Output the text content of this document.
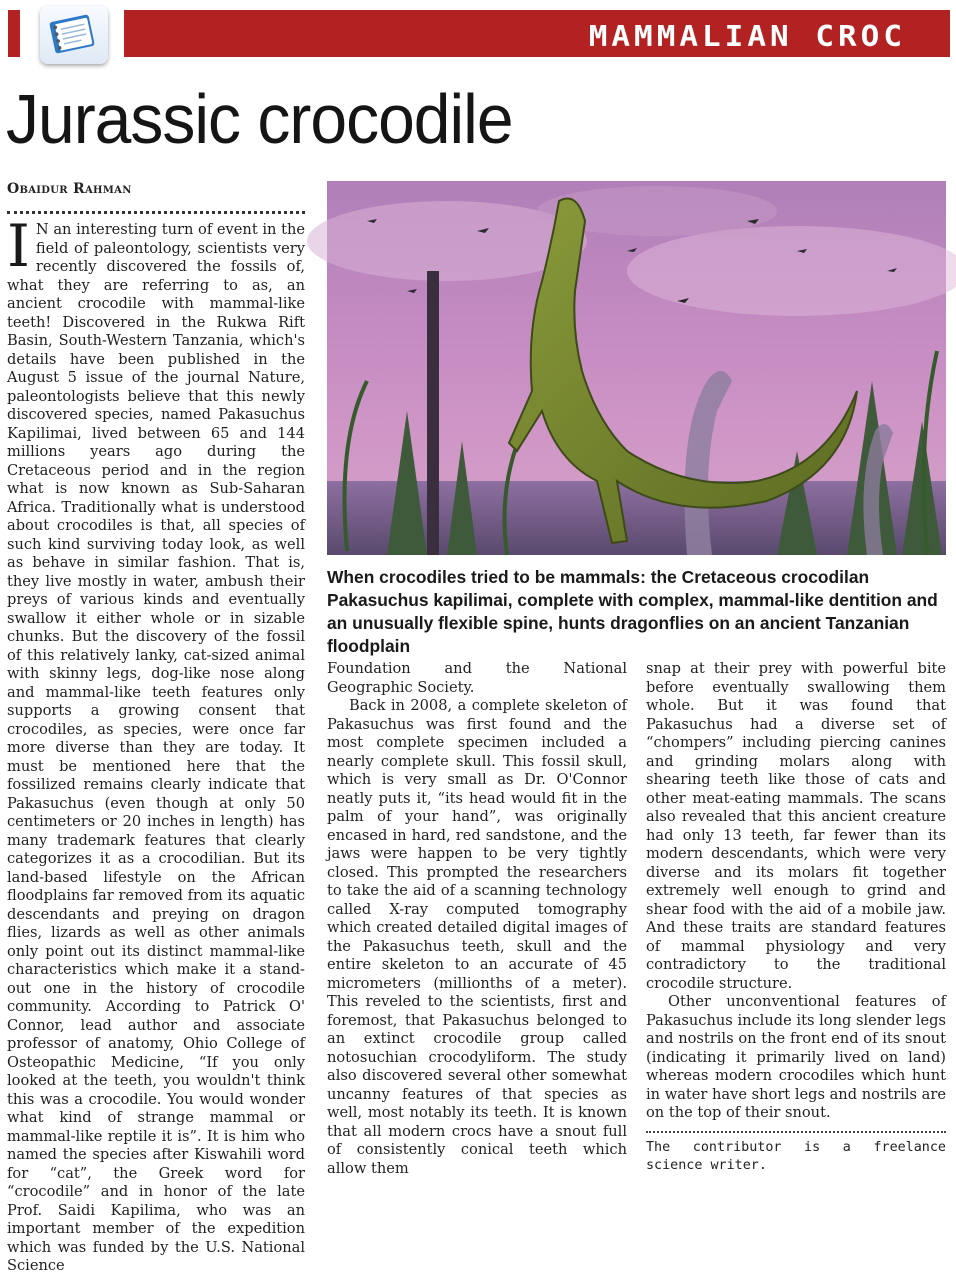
MAMMALIAN CROC
Jurassic crocodile
Obaidur Rahman

I N an interesting turn of event in the field of paleontology, scientists very recently discovered the fossils of, what they are referring to as, an ancient crocodile with mammal-like teeth! Discovered in the Rukwa Rift Basin, South-Western Tanzania, which's details have been published in the August 5 issue of the journal Nature, paleontologists believe that this newly discovered species, named Pakasuchus Kapilimai, lived between 65 and 144 millions years ago during the Cretaceous period and in the region what is now known as Sub-Saharan Africa. Traditionally what is understood about crocodiles is that, all species of such kind surviving today look, as well as behave in similar fashion. That is, they live mostly in water, ambush their preys of various kinds and eventually swallow it either whole or in sizable chunks. But the discovery of the fossil of this relatively lanky, cat-sized animal with skinny legs, dog-like nose along and mammal-like teeth features only supports a growing consent that crocodiles, as species, were once far more diverse than they are today. It must be mentioned here that the fossilized remains clearly indicate that Pakasuchus (even though at only 50 centimeters or 20 inches in length) has many trademark features that clearly categorizes it as a crocodilian. But its land-based lifestyle on the African floodplains far removed from its aquatic descendants and preying on dragon flies, lizards as well as other animals only point out its distinct mammal-like characteristics which make it a stand-out one in the history of crocodile community. According to Patrick O' Connor, lead author and associate professor of anatomy, Ohio College of Osteopathic Medicine, “If you only looked at the teeth, you wouldn't think this was a crocodile. You would wonder what kind of strange mammal or mammal-like reptile it is”. It is him who named the species after Kiswahili word for “cat”, the Greek word for “crocodile” and in honor of the late Prof. Saidi Kapilima, who was an important member of the expedition which was funded by the U.S. National Science

When crocodiles tried to be mammals: the Cretaceous crocodilan Pakasuchus kapilimai, complete with complex, mammal-like dentition and an unusually flexible spine, hunts dragonflies on an ancient Tanzanian floodplain

Foundation and the National Geographic Society.

Back in 2008, a complete skeleton of Pakasuchus was first found and the most complete specimen included a nearly complete skull. This fossil skull, which is very small as Dr. O'Connor neatly puts it, “its head would fit in the palm of your hand”, was originally encased in hard, red sandstone, and the jaws were happen to be very tightly closed. This prompted the researchers to take the aid of a scanning technology called X-ray computed tomography which created detailed digital images of the Pakasuchus teeth, skull and the entire skeleton to an accurate of 45 micrometers (millionths of a meter). This reveled to the scientists, first and foremost, that Pakasuchus belonged to an extinct crocodile group called notosuchian crocodyliform. The study also discovered several other somewhat uncanny features of that species as well, most notably its teeth. It is known that all modern crocs have a snout full of consistently conical teeth which allow them

snap at their prey with powerful bite before eventually swallowing them whole. But it was found that Pakasuchus had a diverse set of “chompers” including piercing canines and grinding molars along with shearing teeth like those of cats and other meat-eating mammals. The scans also revealed that this ancient creature had only 13 teeth, far fewer than its modern descendants, which were very diverse and its molars fit together extremely well enough to grind and shear food with the aid of a mobile jaw. And these traits are standard features of mammal physiology and very contradictory to the traditional crocodile structure.

Other unconventional features of Pakasuchus include its long slender legs and nostrils on the front end of its snout (indicating it primarily lived on land) whereas modern crocodiles which hunt in water have short legs and nostrils are on the top of their snout.

The contributor is a freelance science writer.
